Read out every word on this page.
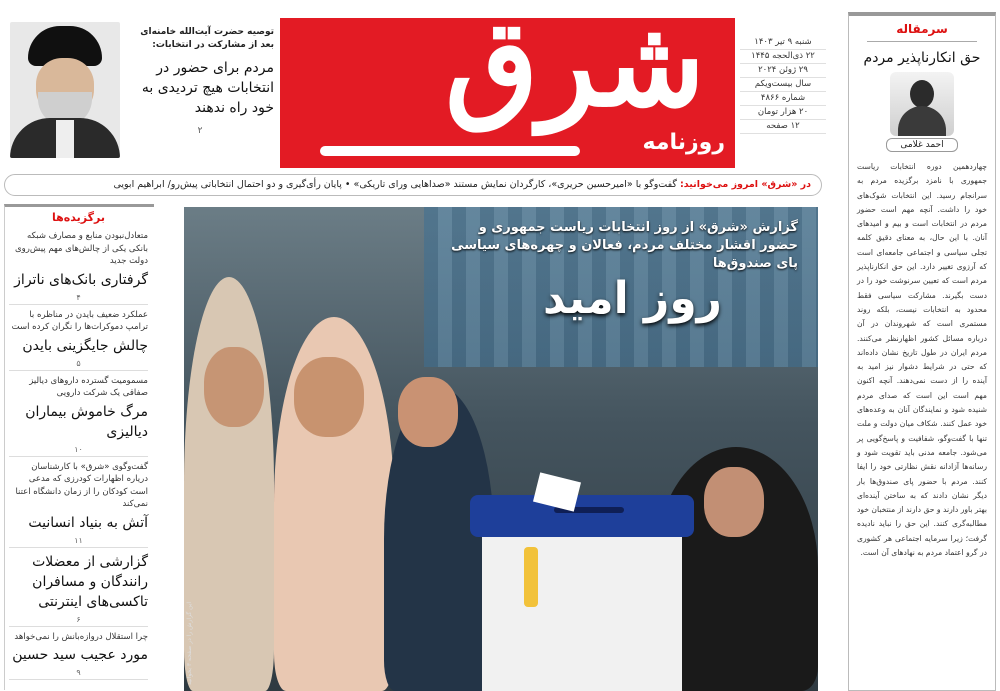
سرمقاله
حق انکارناپذیر مردم
احمد غلامی
چهاردهمین دوره انتخابات ریاست جمهوری با نامزد برگزیده مردم به سرانجام رسید. این انتخابات شوک‌های خود را داشت. آنچه مهم است حضور مردم در انتخابات است و بیم و امیدهای آنان. با این حال، به معنای دقیق کلمه تجلی سیاسی و اجتماعی جامعه‌ای است که آرزوی تغییر دارد. این حق انکارناپذیر مردم است که تعیین سرنوشت خود را در دست بگیرند. مشارکت سیاسی فقط محدود به انتخابات نیست، بلکه روند مستمری است که شهروندان در آن درباره مسائل کشور اظهارنظر می‌کنند. مردم ایران در طول تاریخ نشان داده‌اند که حتی در شرایط دشوار نیز امید به آینده را از دست نمی‌دهند. آنچه اکنون مهم است این است که صدای مردم شنیده شود و نمایندگان آنان به وعده‌های خود عمل کنند. شکاف میان دولت و ملت تنها با گفت‌وگو، شفافیت و پاسخ‌گویی پر می‌شود. جامعه مدنی باید تقویت شود و رسانه‌ها آزادانه نقش نظارتی خود را ایفا کنند. مردم با حضور پای صندوق‌ها بار دیگر نشان دادند که به ساختن آینده‌ای بهتر باور دارند و حق دارند از منتخبان خود مطالبه‌گری کنند. این حق را نباید نادیده گرفت؛ زیرا سرمایه اجتماعی هر کشوری در گرو اعتماد مردم به نهادهای آن است.
شرق
روزنامه
شنبه ۹ تیر ۱۴۰۳
۲۲ ذی‌الحجه ۱۴۴۵
۲۹ ژوئن ۲۰۲۴
سال بیست‌ویکم
شماره ۴۸۶۶
۲۰ هزار تومان
۱۲ صفحه
توصیه حضرت آیت‌الله خامنه‌ای
بعد از مشارکت در انتخابات:
مردم برای حضور در انتخابات هیچ تردیدی به خود راه ندهند
۲
در «شرق» امروز می‌خوانید: گفت‌وگو با «امیرحسین حریری»، کارگردان نمایش مستند «صداهایی ورای تاریکی» • پایان رأی‌گیری و دو احتمال انتخاباتی پیش‌رو/ ابراهیم ابویی
برگزیده‌ها
متعادل‌نبودن منابع و مصارف شبکه بانکی یکی از چالش‌های مهم پیش‌روی دولت جدید
گرفتاری بانک‌های ناتراز
۴
عملکرد ضعیف بایدن در مناظره با ترامپ دموکرات‌ها را نگران کرده است
چالش جایگزینی بایدن
۵
مسمومیت گسترده داروهای دیالیز صفاقی یک شرکت دارویی
مرگ خاموش بیماران دیالیزی
۱۰
گفت‌وگوی «شرق» با کارشناسان دریاره اظهارات کودرزی که مدعی است کودکان را از زمان دانشگاه اعتنا نمی‌کند
آتش به بنیاد انسانیت
۱۱
گزارشی از معضلات رانندگان و مسافران تاکسی‌های اینترنتی
۶
چرا استقلال دروازه‌بانش را نمی‌خواهد
مورد عجیب سید حسین
۹
گزارش «شرق» از روز انتخابات ریاست جمهوری و حضور اقشار مختلف مردم، فعالان و چهره‌های سیاسی پای صندوق‌ها
روز امید
این گزارش را در صفحه ۳ بخوانید
